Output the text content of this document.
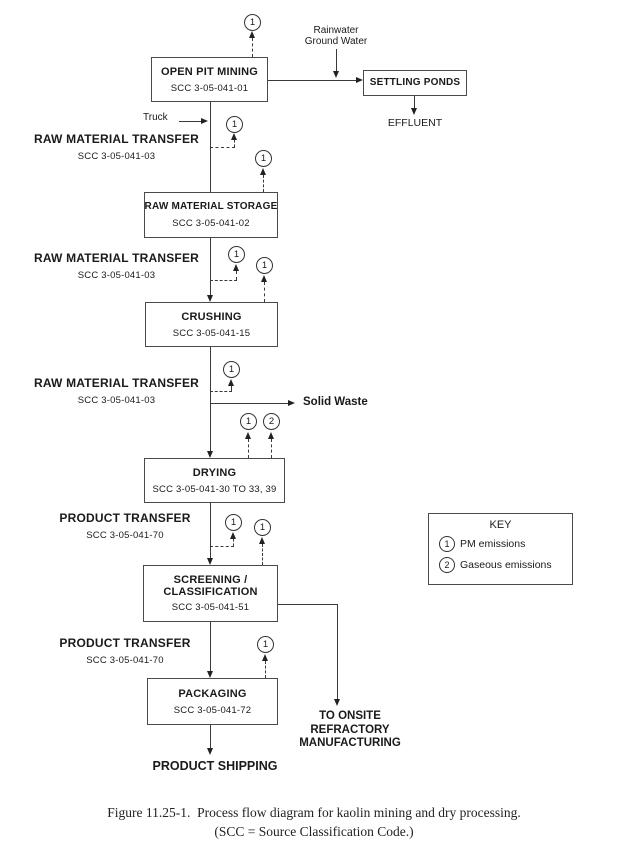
1
OPEN PIT MINING
SCC 3-05-041-01
Rainwater
Ground Water
SETTLING PONDS
EFFLUENT
Truck
RAW MATERIAL TRANSFER
SCC 3-05-041-03
1
1
RAW MATERIAL STORAGE
SCC 3-05-041-02
RAW MATERIAL TRANSFER
SCC 3-05-041-03
1
1
CRUSHING
SCC 3-05-041-15
RAW MATERIAL TRANSFER
SCC 3-05-041-03
1
Solid Waste
1	2
DRYING
SCC 3-05-041-30 TO 33, 39
PRODUCT TRANSFER
SCC 3-05-041-70
1	1
SCREENING /
CLASSIFICATION
SCC 3-05-041-51
TO ONSITE
REFRACTORY
MANUFACTURING
PRODUCT TRANSFER
SCC 3-05-041-70
1
PACKAGING
SCC 3-05-041-72
PRODUCT SHIPPING
KEY
1	PM emissions
2	Gaseous emissions
Figure 11.25-1.  Process flow diagram for kaolin mining and dry processing.
(SCC = Source Classification Code.)
